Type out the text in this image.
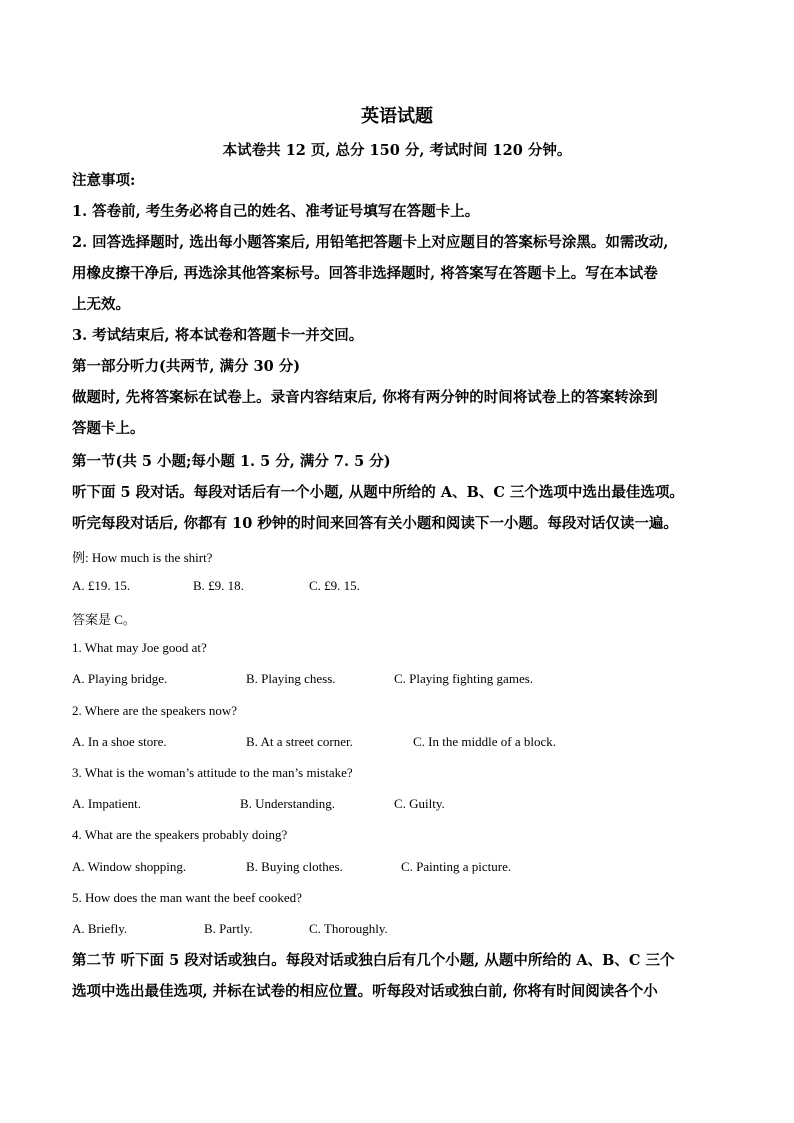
英语试题
本试卷共 12 页, 总分 150 分, 考试时间 120 分钟。
注意事项:
1. 答卷前, 考生务必将自己的姓名、准考证号填写在答题卡上。
2. 回答选择题时, 选出每小题答案后, 用铅笔把答题卡上对应题目的答案标号涂黑。如需改动,
用橡皮擦干净后, 再选涂其他答案标号。回答非选择题时, 将答案写在答题卡上。写在本试卷
上无效。
3. 考试结束后, 将本试卷和答题卡一并交回。
第一部分听力(共两节, 满分 30 分)
做题时, 先将答案标在试卷上。录音内容结束后, 你将有两分钟的时间将试卷上的答案转涂到
答题卡上。
第一节(共 5 小题;每小题 1. 5 分, 满分 7. 5 分)
听下面 5 段对话。每段对话后有一个小题, 从题中所给的 A、B、C 三个选项中选出最佳选项。
听完每段对话后, 你都有 10 秒钟的时间来回答有关小题和阅读下一小题。每段对话仅读一遍。
例: How much is the shirt?
A. £19. 15.	B. £9. 18.	C. £9. 15.
答案是 C。
1. What may Joe good at?
A. Playing bridge.	B. Playing chess.	C. Playing fighting games.
2. Where are the speakers now?
A. In a shoe store.	B. At a street corner.	C. In the middle of a block.
3. What is the woman’s attitude to the man’s mistake?
A. Impatient.	B. Understanding.	C. Guilty.
4. What are the speakers probably doing?
A. Window shopping.	B. Buying clothes.	C. Painting a picture.
5. How does the man want the beef cooked?
A. Briefly.	B. Partly.	C. Thoroughly.
第二节 听下面 5 段对话或独白。每段对话或独白后有几个小题, 从题中所给的 A、B、C 三个
选项中选出最佳选项, 并标在试卷的相应位置。听每段对话或独白前, 你将有时间阅读各个小
